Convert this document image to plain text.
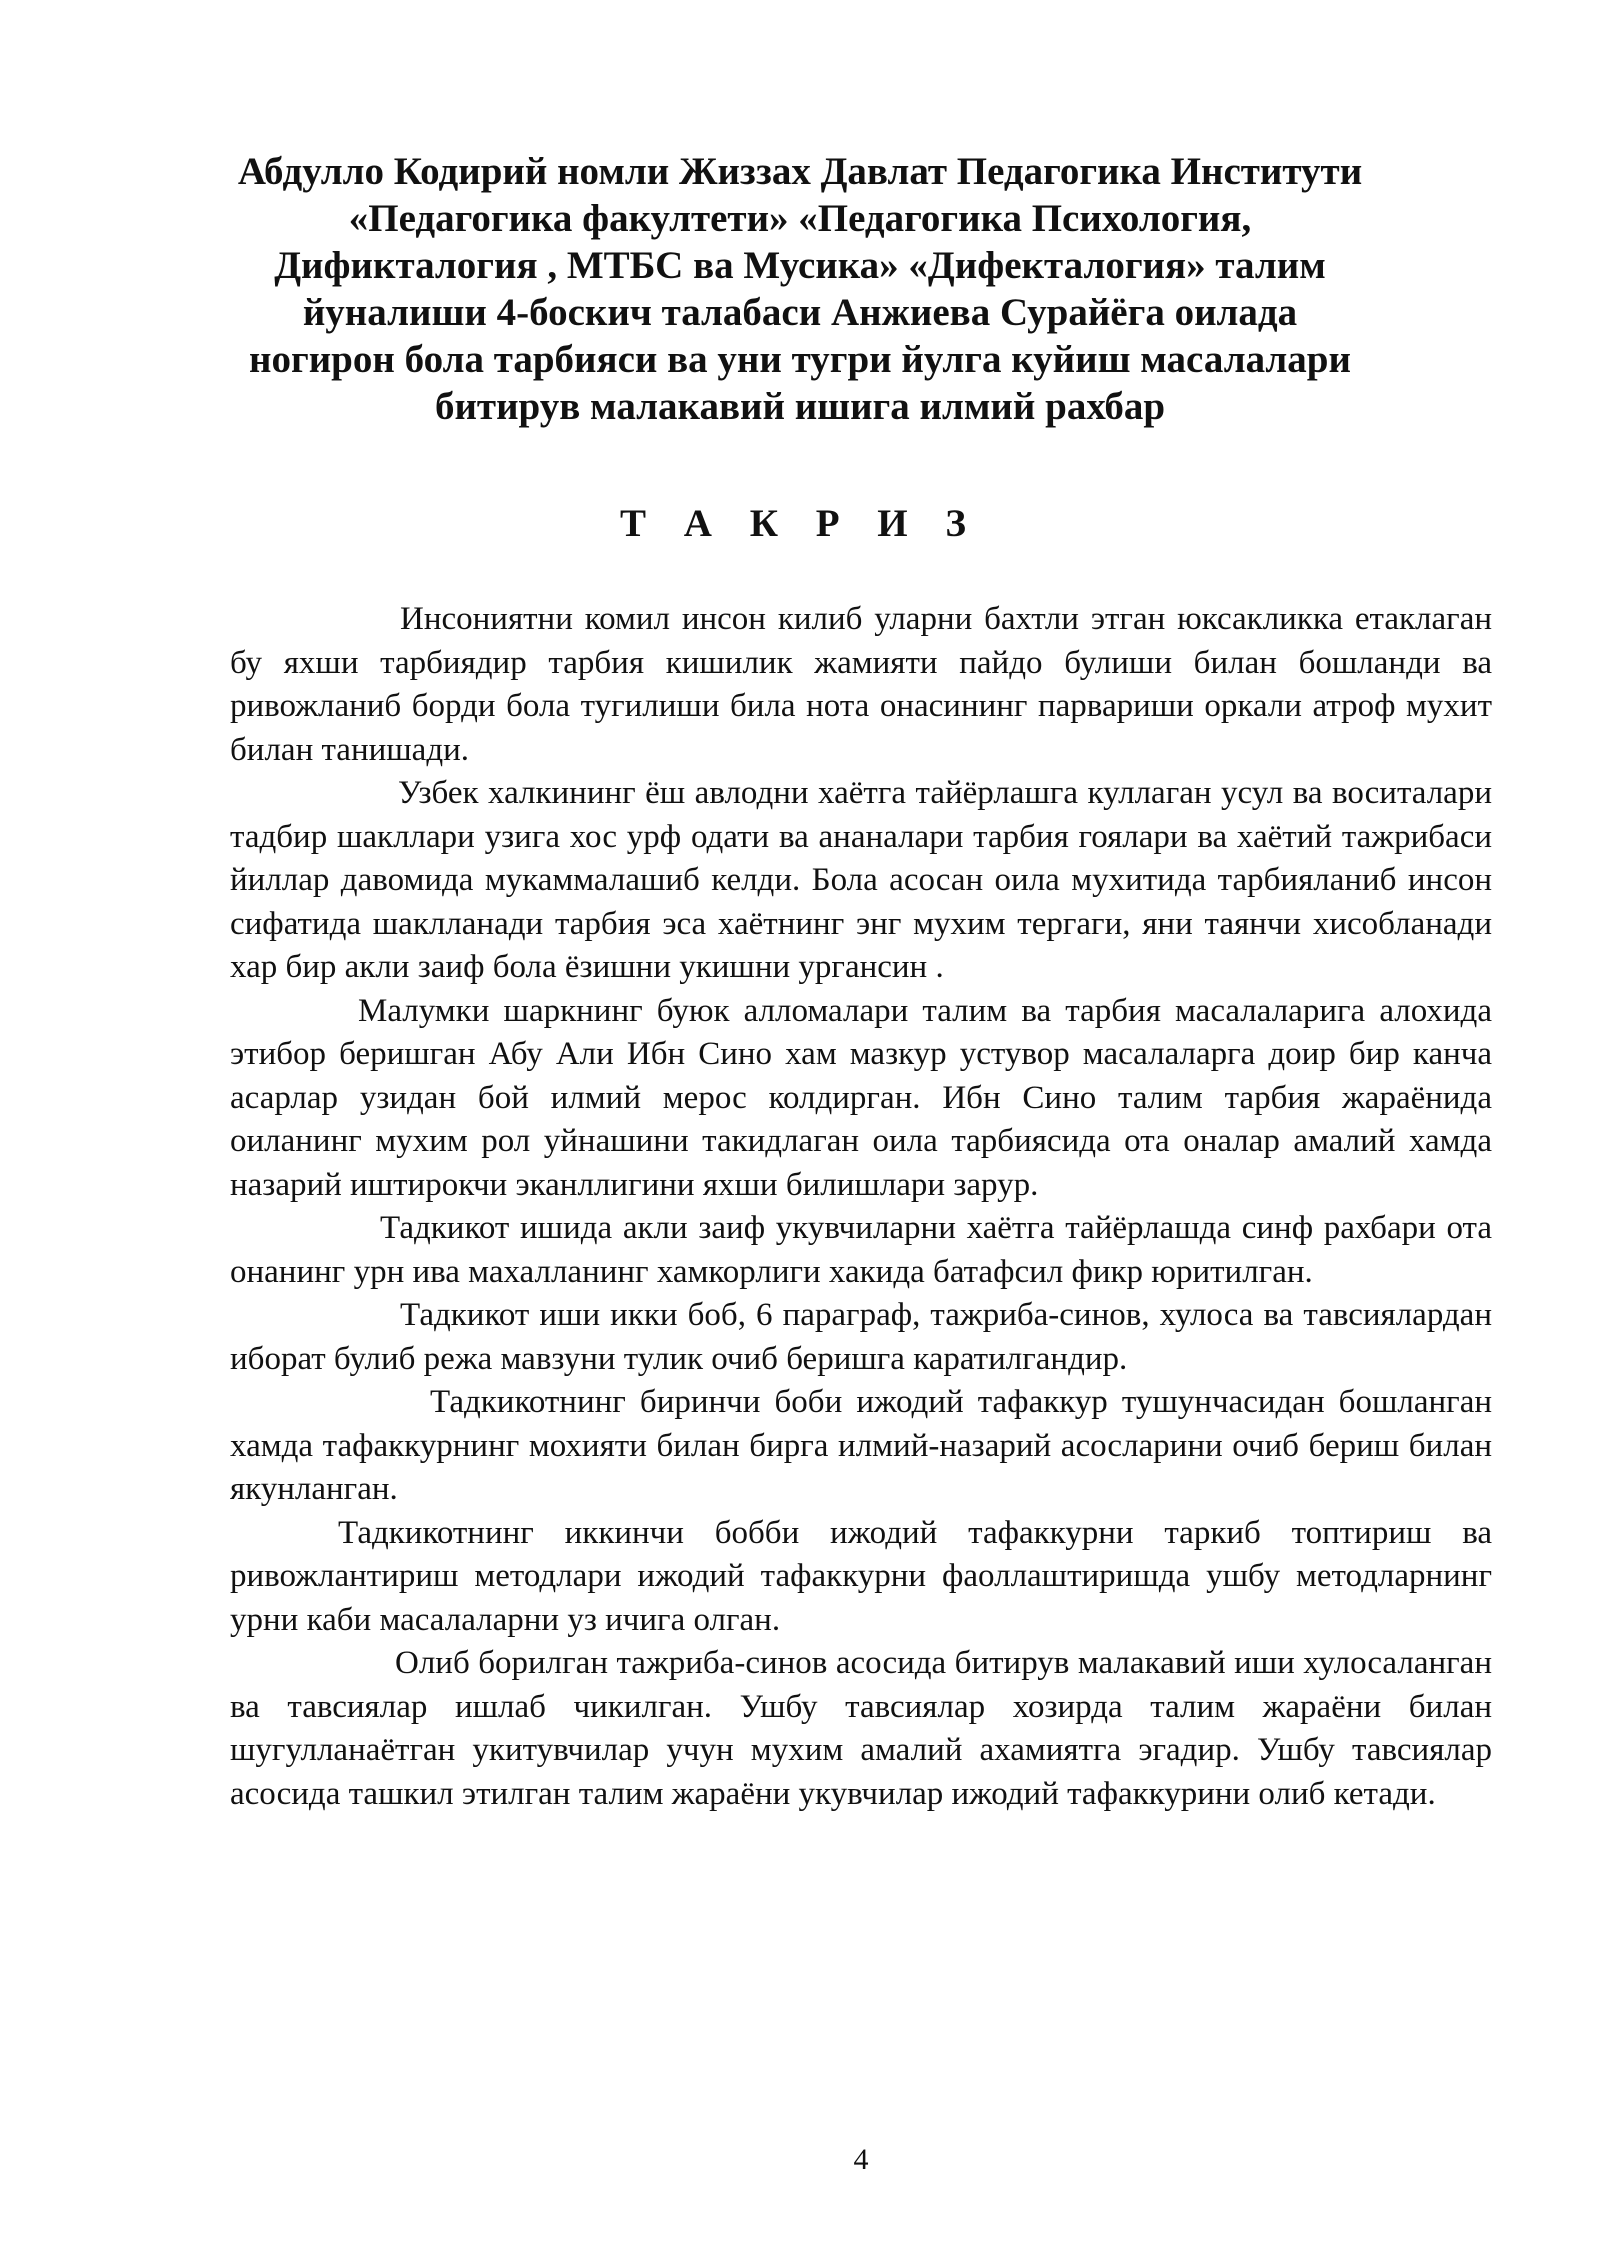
Абдулло Кодирий номли Жиззах Давлат Педагогика Институти
«Педагогика факултети» «Педагогика Психология,
Дификталогия , МТБС ва Мусика» «Дифекталогия» талим
йуналиши 4-боскич талабаси Анжиева Сурайёга оилада
ногирон бола тарбияси ва уни тугри йулга куйиш масалалари
битирув малакавий ишига илмий рахбар
Т А К Р И З

Инсониятни комил инсон килиб уларни бахтли этган юксакликка етаклаган бу яхши тарбиядир тарбия кишилик жамияти пайдо булиши билан бошланди ва ривожланиб борди бола тугилиши била нота онасининг парвариши оркали атроф мухит билан танишади.

Узбек халкининг ёш авлодни хаётга тайёрлашга куллаган усул ва воситалари тадбир шакллари узига хос урф одати ва ананалари тарбия гоялари ва хаётий тажрибаси йиллар давомида мукаммалашиб келди. Бола асосан оила мухитида тарбияланиб инсон сифатида шаклланади тарбия эса хаётнинг энг мухим тергаги, яни таянчи хисобланади хар бир акли заиф бола ёзишни укишни ургансин .

Малумки шаркнинг буюк алломалари талим ва тарбия масалаларига алохида этибор беришган Абу Али Ибн Сино хам мазкур устувор масалаларга доир бир канча асарлар узидан бой илмий мерос колдирган. Ибн Сино талим тарбия жараёнида оиланинг мухим рол уйнашини такидлаган оила тарбиясида ота оналар амалий хамда назарий иштирокчи эканллигини яхши билишлари зарур.

Тадкикот ишида акли заиф укувчиларни хаётга тайёрлашда синф рахбари ота онанинг урн ива махалланинг хамкорлиги хакида батафсил фикр юритилган.

Тадкикот иши икки боб, 6 параграф, тажриба-синов, хулоса ва тавсиялардан иборат булиб режа мавзуни тулик очиб беришга каратилгандир.

Тадкикотнинг биринчи боби ижодий тафаккур тушунчасидан бошланган хамда тафаккурнинг мохияти билан бирга илмий-назарий асосларини очиб бериш билан якунланган.

Тадкикотнинг иккинчи бобби ижодий тафаккурни таркиб топтириш ва ривожлантириш методлари ижодий тафаккурни фаоллаштиришда ушбу методларнинг урни каби масалаларни уз ичига олган.

Олиб борилган тажриба-синов асосида битирув малакавий иши хулосаланган ва тавсиялар ишлаб чикилган. Ушбу тавсиялар хозирда талим жараёни билан шугулланаётган укитувчилар учун мухим амалий ахамиятга эгадир. Ушбу тавсиялар асосида ташкил этилган талим жараёни укувчилар ижодий тафаккурини олиб кетади.

4
